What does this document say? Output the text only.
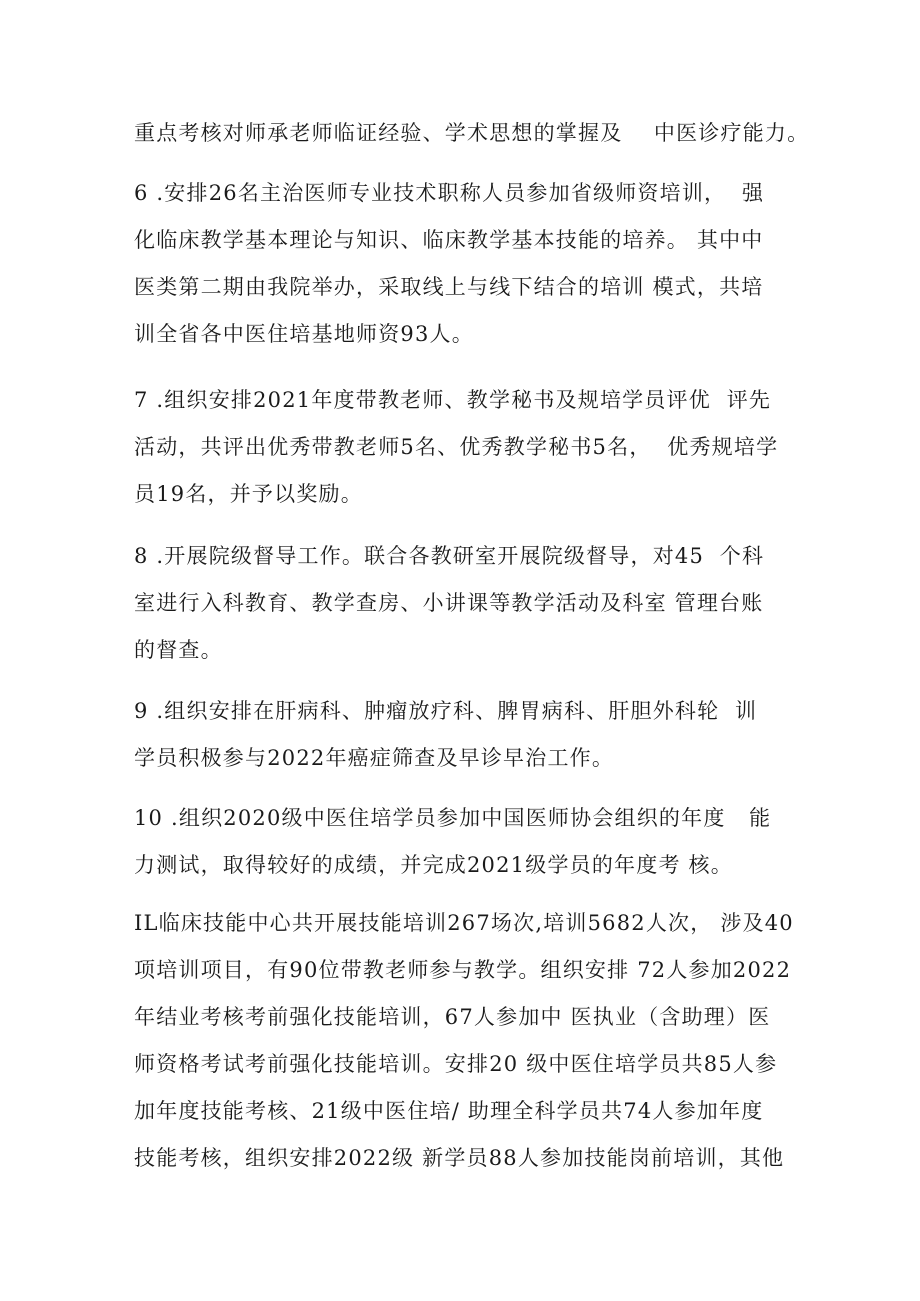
重点考核对师承老师临证经验、学术思想的掌握及    中医诊疗能力。

6 .安排26名主治医师专业技术职称人员参加省级师资培训，  强
化临床教学基本理论与知识、临床教学基本技能的培养。 其中中
医类第二期由我院举办，采取线上与线下结合的培训 模式，共培
训全省各中医住培基地师资93人。

7 .组织安排2021年度带教老师、教学秘书及规培学员评优  评先
活动，共评出优秀带教老师5名、优秀教学秘书5名，  优秀规培学
员19名，并予以奖励。

8 .开展院级督导工作。联合各教研室开展院级督导，对45  个科
室进行入科教育、教学查房、小讲课等教学活动及科室 管理台账
的督查。

9 .组织安排在肝病科、肿瘤放疗科、脾胃病科、肝胆外科轮  训
学员积极参与2022年癌症筛查及早诊早治工作。

10 .组织2020级中医住培学员参加中国医师协会组织的年度   能
力测试，取得较好的成绩，并完成2021级学员的年度考 核。

IL临床技能中心共开展技能培训267场次,培训5682人次， 涉及40
项培训项目，有90位带教老师参与教学。组织安排 72人参加2022
年结业考核考前强化技能培训，67人参加中 医执业（含助理）医
师资格考试考前强化技能培训。安排20 级中医住培学员共85人参
加年度技能考核、21级中医住培/ 助理全科学员共74人参加年度
技能考核，组织安排2022级 新学员88人参加技能岗前培训，其他
